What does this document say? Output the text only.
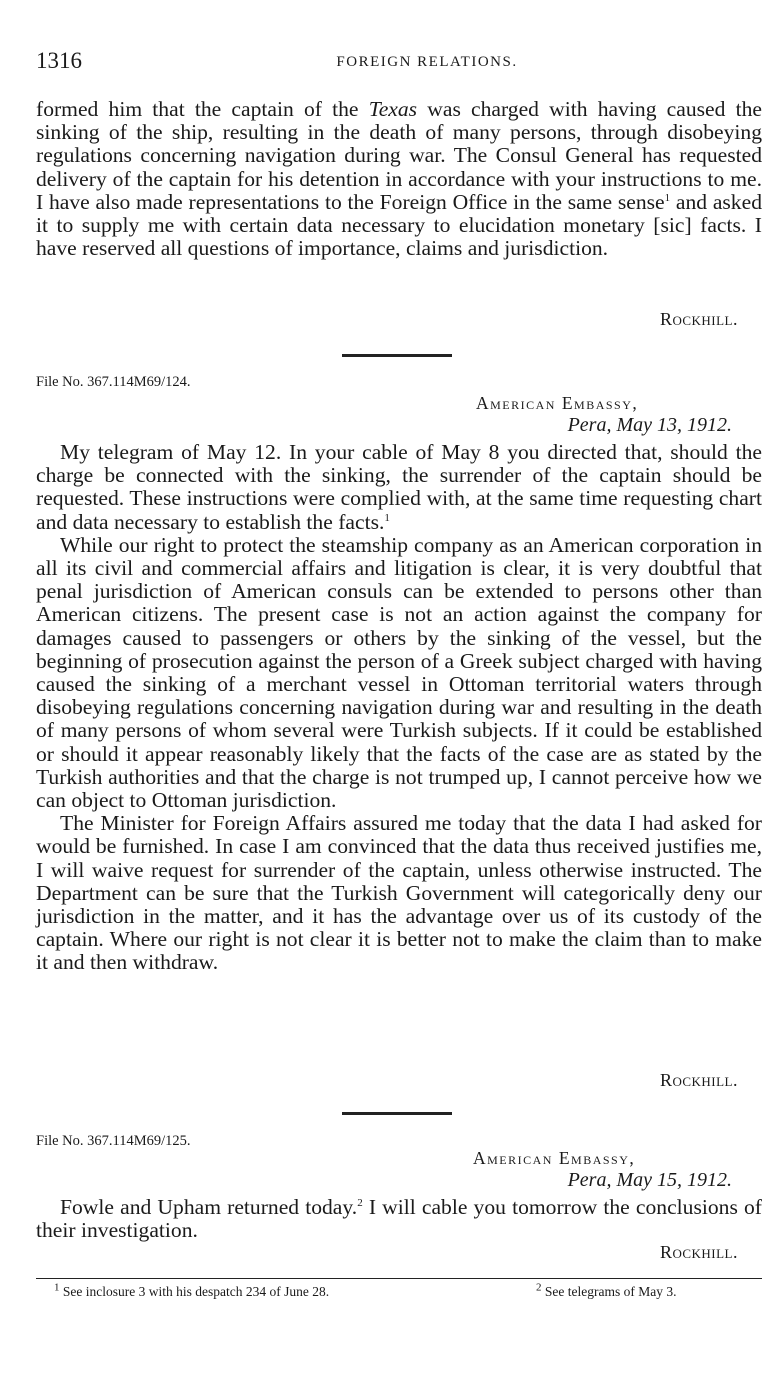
1316	FOREIGN RELATIONS.

formed him that the captain of the Texas was charged with having caused the sinking of the ship, resulting in the death of many persons, through disobeying regulations concerning navigation during war. The Consul General has requested delivery of the captain for his detention in accordance with your instructions to me. I have also made representations to the Foreign Office in the same sense$^1$ and asked it to supply me with certain data necessary to elucidation monetary [sic] facts. I have reserved all questions of importance, claims and jurisdiction.

Rockhill.
File No. 367.114M69/124.
American Embassy,
Pera, May 13, 1912.

My telegram of May 12. In your cable of May 8 you directed that, should the charge be connected with the sinking, the surrender of the captain should be requested. These instructions were complied with, at the same time requesting chart and data necessary to establish the facts.$^1$

While our right to protect the steamship company as an American corporation in all its civil and commercial affairs and litigation is clear, it is very doubtful that penal jurisdiction of American consuls can be extended to persons other than American citizens. The present case is not an action against the company for damages caused to passengers or others by the sinking of the vessel, but the beginning of prosecution against the person of a Greek subject charged with having caused the sinking of a merchant vessel in Ottoman territorial waters through disobeying regulations concerning navigation during war and resulting in the death of many persons of whom several were Turkish subjects. If it could be established or should it appear reasonably likely that the facts of the case are as stated by the Turkish authorities and that the charge is not trumped up, I cannot perceive how we can object to Ottoman jurisdiction.

The Minister for Foreign Affairs assured me today that the data I had asked for would be furnished. In case I am convinced that the data thus received justifies me, I will waive request for surrender of the captain, unless otherwise instructed. The Department can be sure that the Turkish Government will categorically deny our jurisdiction in the matter, and it has the advantage over us of its custody of the captain. Where our right is not clear it is better not to make the claim than to make it and then withdraw.

Rockhill.
File No. 367.114M69/125.
American Embassy,
Pera, May 15, 1912.

Fowle and Upham returned today.$^2$ I will cable you tomorrow the conclusions of their investigation.

Rockhill.
$^1$ See inclosure 3 with his despatch 234 of June 28.	$^2$ See telegrams of May 3.
